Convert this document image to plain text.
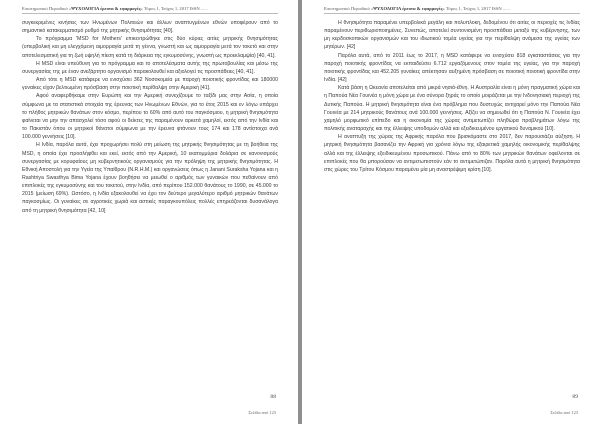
Επιστημονικό Περιοδικό «ΨΥΧΟΛΟΓΙΑ έρευνα & εφαρμογές» Τόμος 1, Τεύχος 1, 2017 ISSN ......

συγκεκριμένες κινήσεις των Ηνωμένων Πολιτειών και άλλων αναπτυγμένων εθνών υποφέρουν από το σημαντικό κατακερματισμό ρυθμό της μητρικής θνησιμότητας [40].

Το πρόγραμμα 'MSD for Mothers' επικεντρώθηκε στις δύο κύριες αιτίες μητρικής θνησιμότητας (υπερβολική και μη ελεγχόμενη αιμορραγία μετά τη γέννα, γνωστή και ως αιμορραγία μετά τον τοκετό και στην αποτελεσματική για τη ζωή υψηλή πίεση κατά τη διάρκεια της εγκυμοσύνης, γνωστή ως προεκλαμψία) [40, 41].

Η MSD είναι υπεύθυνη για το πρόγραμμα και το αποτελέσματα αυτής της πρωτοβουλίας και μέσω της συνεργασίας της με έναν ανεξάρτητο οργανισμό παρακολουθεί και αξιολογεί τις προσπάθειες [40, 41].

Από τότε η MSD κατάφερε να ενισχύσει 362 Νοσοκομεία με παροχή ποιοτικής φροντίδας και 180000 γυναίκες είχαν βελτιωμένη πρόσβαση στην ποιοτική περίθαλψη στην Αμερική [41].

Αφού αναφερθήκαμε στην Ευρώπη και την Αμερική συνεχίζουμε το ταξίδι μας στην Ασία, η οποία σύμφωνα με τα στατιστικά στοιχεία της έρευνας των Ηνωμένων Εθνών, για το έτος 2015 και εν λόγω υπάρχει το πλήθος μητρικών θανάτων στον κόσμο, περίπου το 60% από αυτό του παγκόσμιου, η μητρική θνησιμότητα φαίνεται να μην την απασχολεί τόσο αφού οι δείκτες της παραμένουν αρκετά χαμηλοί, εκτός από την Ινδία και το Πακιστάν όπου οι μητρικοί θάνατοι σύμφωνα με την έρευνα φτάνουν τους 174 και 178 αντίστοιχα ανά 100.000 γεννήσεις [10].

Η Ινδία, παρόλα αυτά, έχει προχωρήσει πολύ στη μείωση της μητρικής θνησιμότητας με τη βοήθεια της MSD, η οποία έχει προσλήφθει και εκεί, εκτός από την Αμερική, 10 εκατομμύρια δολάρια σε κανονισμούς συνεργασίας με κορυφαίους μη κυβερνητικούς οργανισμούς για την πρόληψη της μητρικής θνησιμότητας. Η Εθνική Αποστολή για την Υγεία της Υπαίθρου (N.R.H.M.) και οργανώσεις όπως η Janani Suraksha Yojana και η Rashtriya Swasthya Bima Yojana έχουν βοηθήσει να μειωθεί ο αριθμός των γυναικών που πεθαίνουν από επιπλοκές της εγκυμοσύνης και του τοκετού, στην Ινδία, από περίπου 152.000 θανάτους το 1990, σε 45.000 το 2015 (μείωση 69%). Ωστόσο, η Ινδία εξακολουθεί να έχει τον δεύτερο μεγαλύτερο αριθμό μητρικών θανάτων παγκοσμίως. Οι γυναίκες σε αγροτικές χωριά και αστικές παραγκουπόλεις πολλές επηρεάζονται δυσανάλογα από τη μητρική θνησιμότητα [42, 10]

88
Σελίδα από 123
Επιστημονικό Περιοδικό «ΨΥΧΟΛΟΓΙΑ έρευνα & εφαρμογές» Τόμος 1, Τεύχος 1, 2017 ISSN ......

Η θνησιμότητα παραμένει υπερβολικά μεγάλη και πολυπλοκη, δεδομένου ότι αιτίες οι περιοχές τις Ινδίας παραμένουν περιθωριοποιημένες. Συνεπώς, αποτελεί συντονισμένη προσπάθεια μεταξύ της κυβέρνησης, των μη κερδοσκοπικών οργανισμών και του ιδιωτικού τομέα υγείας για την περίθαλψη ανάμεσα της υγείας των μητέρων. [42]

Παρόλα αυτά, από το 2011 έως το 2017, η MSD κατάφερε να ενισχύσει 818 εγκαταστάσεις για την παροχή ποιοτικής φροντίδας να εκπαιδεύσει 6.712 εργαζόμενους στον τομέα της υγείας, για την παροχή ποιοτικής φροντίδας και 452.205 γυναίκες απέκτησαν αυξημένη πρόσβαση σε ποιοτική ποιοτική φροντίδα στην Ινδία. [42]

Κατά βάση η Ωκεανία αποτελείται από μικρά νησιά-έθνη. Η Αυστραλία είναι η μόνη πραγματική χώρα και η Παπούα Νέα Γουινέα η μόνη χώρα με ένα σύνορα ξηράς το οποίο μοιράζεται με την Ινδονησιακή περιοχή της Δυτικής Παπούα. Η μητρική θνησιμότητα είναι ένα πρόβλημα που δυστυχώς αντιχαρεί μόνο την Παπούα Νέα Γουινέα με 214 μητρικούς θανάτους ανά 100.000 γεννήσεις. Αξίζει να σημειωθεί ότι η Παπούα Ν. Γουινέα έχει χαμηλό μορφωτικό επίπεδο και η οικονομία της χώρας αντιμετωπίζει πληθώρα προβλημάτων λόγω της πολιτικής αναταραχής και της έλλειψης υποδομών αλλά και εξειδικευμένου εργατικού δυναμικού [10].

Η αναπτυξη της χώρας της Αφρικής παρόλα που βρισκόμαστε στο 2017, δεν παρουσιάζει αύξηση. Η μητρική θνησιμότητα βασανίζει την Αφρική για χρόνια λόγω της εξαιρετικά χαμηλής οικονομικής περίθαλψης αλλά και της έλλειψης εξειδικευμένου προσωπικού. Πάνω από το 80% των μητρικών θανάτων οφείλονται σε επιπλοκές που θα μπορούσαν να αντιμετωπιστούν εάν το αντιμετώπιζαν. Παρόλα αυτά η μητρική θνησιμότητα στις χώρες του Τρίτου Κόσμου παραμένει μία μη αναστρέψιμη κρίση [10].

89
Σελίδα από 123
